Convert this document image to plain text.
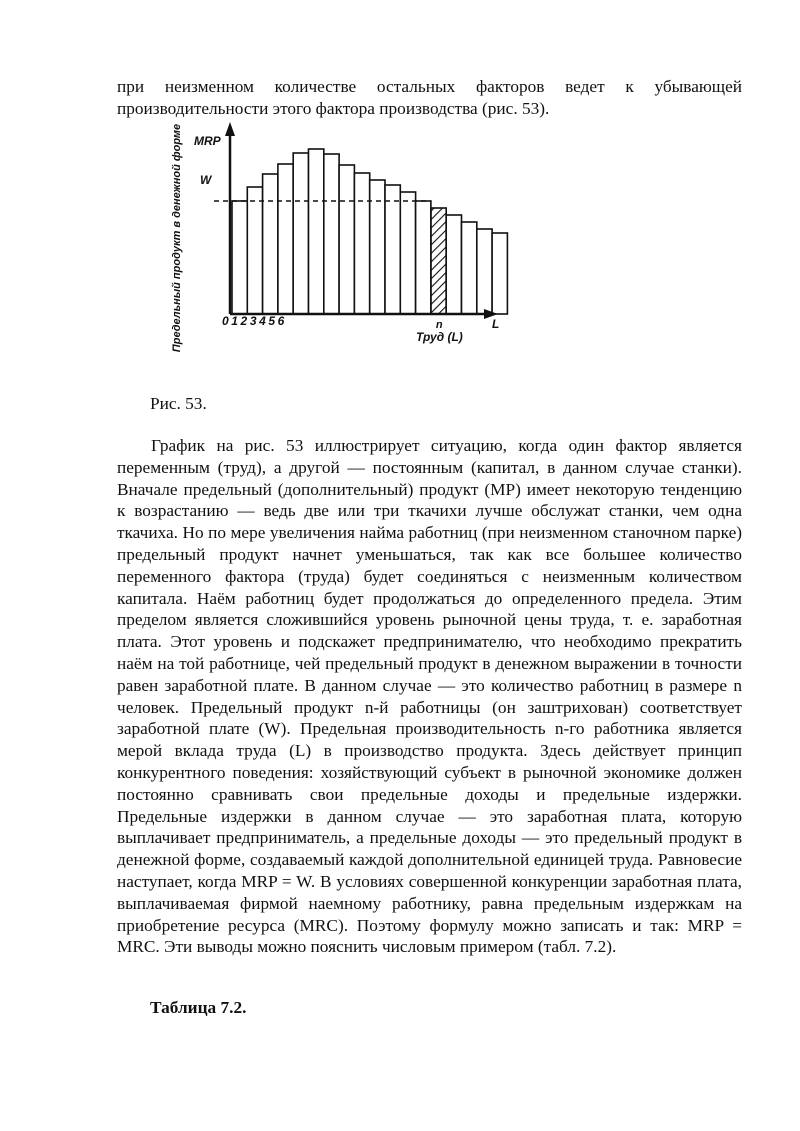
при неизменном количестве остальных факторов ведет к убывающей производительности этого фактора производства (рис. 53).

MRP
W
Предельный продукт в денежной форме	0123456	n	L
Труд (L)

Рис. 53.

График на рис. 53 иллюстрирует ситуацию, когда один фактор является переменным (труд), а другой — постоянным (капитал, в данном случае станки). Вначале предельный (дополнительный) продукт (МР) имеет некоторую тенденцию к возрастанию — ведь две или три ткачихи лучше обслужат станки, чем одна ткачиха. Но по мере увеличения найма работниц (при неизменном станочном парке) предельный продукт начнет уменьшаться, так как все большее количество переменного фактора (труда) будет соединяться с неизменным количеством капитала. Наём работниц будет продолжаться до определенного предела. Этим пределом является сложившийся уровень рыночной цены труда, т. е. заработная плата. Этот уровень и подскажет предпринимателю, что необходимо прекратить наём на той работнице, чей предельный продукт в денежном выражении в точности равен заработной плате. В данном случае — это количество работниц в размере n человек. Предельный продукт n-й работницы (он заштрихован) соответствует заработной плате (W). Предельная производительность n-го работника является мерой вклада труда (L) в производство продукта. Здесь действует принцип конкурентного поведения: хозяйствующий субъект в рыночной экономике должен постоянно сравнивать свои предельные доходы и предельные издержки. Предельные издержки в данном случае — это заработная плата, которую выплачивает предприниматель, а предельные доходы — это предельный продукт в денежной форме, создаваемый каждой дополнительной единицей труда. Равновесие наступает, когда MRP = W. В условиях совершенной конкуренции заработная плата, выплачиваемая фирмой наемному работнику, равна предельным издержкам на приобретение ресурса (MRC). Поэтому формулу можно записать и так: MRP = MRC. Эти выводы можно пояснить числовым примером (табл. 7.2).

Таблица 7.2.
